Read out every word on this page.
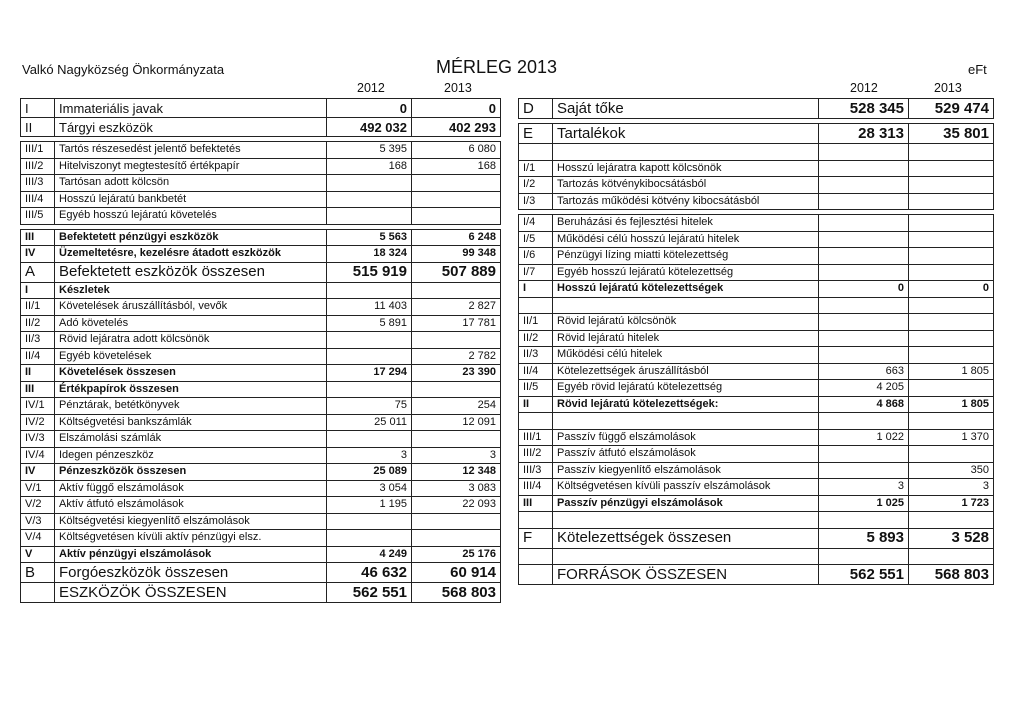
Valkó Nagyközség Önkormányzata	MÉRLEG 2013	eFt
2012	2013	2012	2013
I	Immateriális javak	0	0
II	Tárgyi eszközök	492 032	402 293

III/1	Tartós részesedést jelentő befektetés	5 395	6 080
III/2	Hitelviszonyt megtestesítő értékpapír	168	168
III/3	Tartósan adott kölcsön		
III/4	Hosszú lejáratú bankbetét		
III/5	Egyéb hosszú lejáratú követelés		

III	Befektetett pénzügyi eszközök	5 563	6 248
IV	Üzemeltetésre, kezelésre átadott eszközök	18 324	99 348
A	Befektetett eszközök összesen	515 919	507 889
I	Készletek		
II/1	Követelések áruszállításból, vevők	11 403	2 827
II/2	Adó követelés	5 891	17 781
II/3	Rövid lejáratra adott kölcsönök		
II/4	Egyéb követelések		2 782
II	Követelések összesen	17 294	23 390
III	Értékpapírok összesen		
IV/1	Pénztárak, betétkönyvek	75	254
IV/2	Költségvetési bankszámlák	25 011	12 091
IV/3	Elszámolási számlák		
IV/4	Idegen pénzeszköz	3	3
IV	Pénzeszközök összesen	25 089	12 348
V/1	Aktív függő elszámolások	3 054	3 083
V/2	Aktív átfutó elszámolások	1 195	22 093
V/3	Költségvetési kiegyenlítő elszámolások		
V/4	Költségvetésen kívüli aktív pénzügyi elsz.		
V	Aktív pénzügyi elszámolások	4 249	25 176
B	Forgóeszközök összesen	46 632	60 914
	ESZKÖZÖK ÖSSZESEN	562 551	568 803
D	Saját tőke	528 345	529 474

E	Tartalékok	28 313	35 801

I/1	Hosszú lejáratra kapott kölcsönök		
I/2	Tartozás kötvénykibocsátásból		
I/3	Tartozás működési kötvény kibocsátásból		

I/4	Beruházási és fejlesztési hitelek		
I/5	Működési célú hosszú lejáratú hitelek		
I/6	Pénzügyi lízing miatti kötelezettség		
I/7	Egyéb hosszú lejáratú kötelezettség		
I	Hosszú lejáratú kötelezettségek	0	0

II/1	Rövid lejáratú kölcsönök		
II/2	Rövid lejáratú hitelek		
II/3	Működési célú hitelek		
II/4	Kötelezettségek áruszállításból	663	1 805
II/5	Egyéb rövid lejáratú kötelezettség	4 205	
II	Rövid lejáratú kötelezettségek:	4 868	1 805

III/1	Passzív függő elszámolások	1 022	1 370
III/2	Passzív átfutó elszámolások		
III/3	Passzív kiegyenlítő elszámolások		350
III/4	Költségvetésen kívüli passzív elszámolások	3	3
III	Passzív pénzügyi elszámolások	1 025	1 723

F	Kötelezettségek összesen	5 893	3 528

	FORRÁSOK ÖSSZESEN	562 551	568 803
